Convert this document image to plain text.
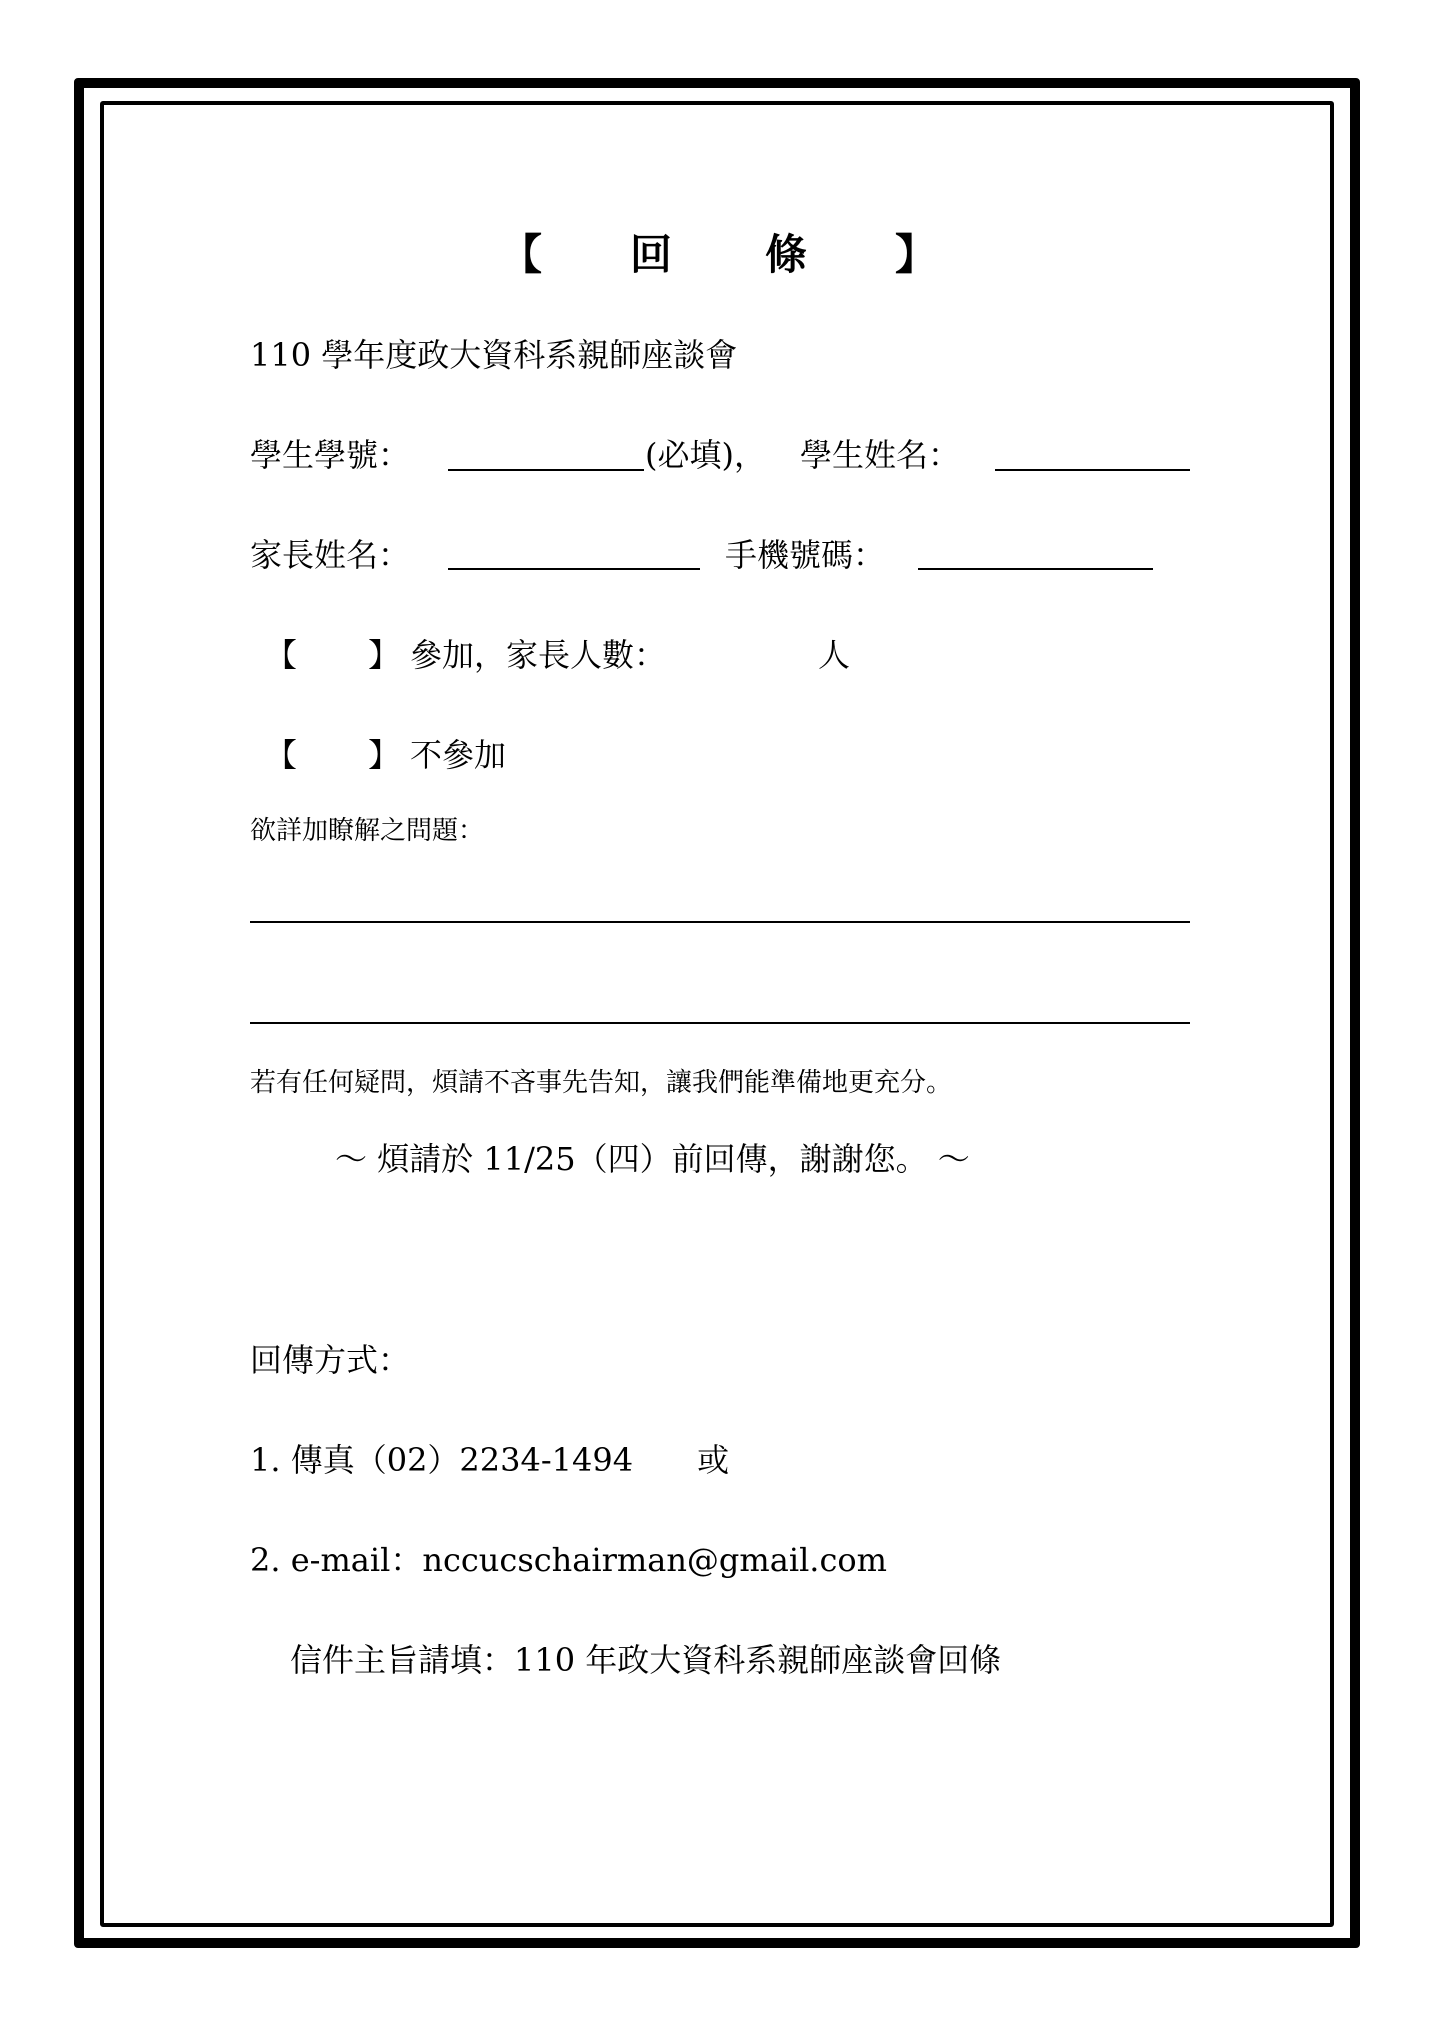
【 回 條 】
110 學年度政大資科系親師座談會
學生學號：	(必填)， 學生姓名：
家長姓名：	手機號碼：
【 】 參加，家長人數：	人
【 】 不參加
欲詳加瞭解之問題：
若有任何疑問，煩請不吝事先告知，讓我們能準備地更充分。
～ 煩請於 11/25（四）前回傳，謝謝您。 ～
回傳方式：
1. 傳真（02）2234-1494　　或
2. e-mail：nccucschairman@gmail.com
信件主旨請填：110 年政大資科系親師座談會回條
